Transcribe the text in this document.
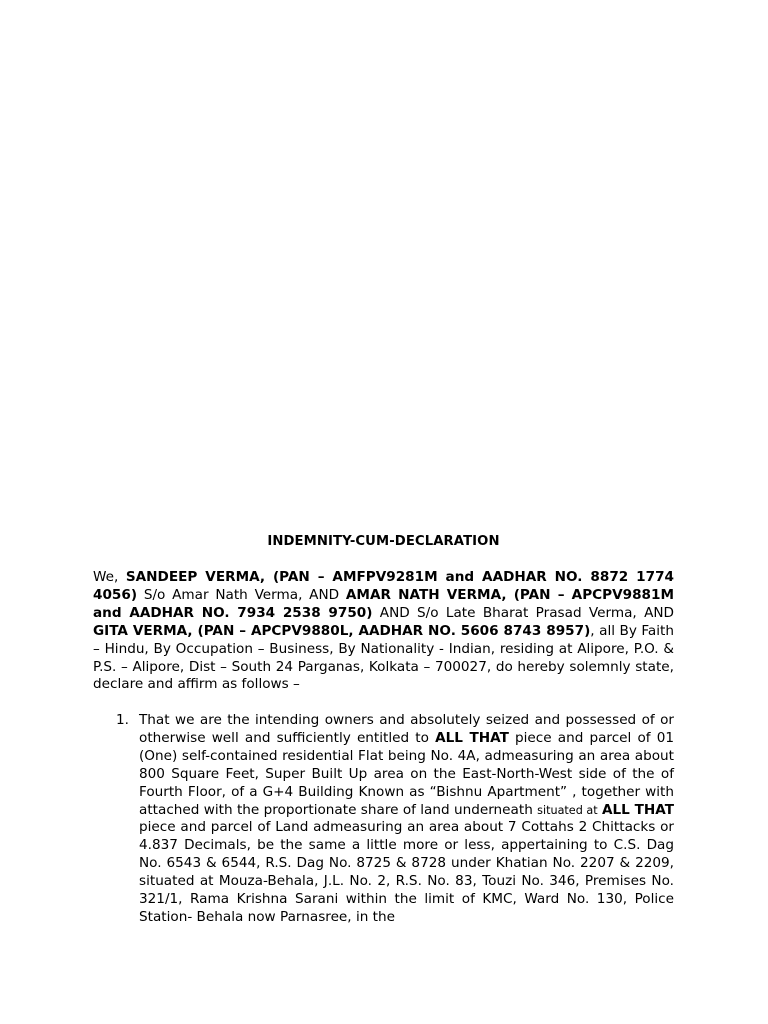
INDEMNITY-CUM-DECLARATION
We, SANDEEP VERMA, (PAN – AMFPV9281M and AADHAR NO. 8872 1774 4056) S/o Amar Nath Verma, AND AMAR NATH VERMA, (PAN – APCPV9881M and AADHAR NO. 7934 2538 9750) AND S/o Late Bharat Prasad Verma, AND GITA VERMA, (PAN – APCPV9880L, AADHAR NO. 5606 8743 8957), all By Faith – Hindu, By Occupation – Business, By Nationality - Indian, residing at Alipore, P.O. & P.S. – Alipore, Dist – South 24 Parganas, Kolkata – 700027, do hereby solemnly state, declare and affirm as follows –
1. That we are the intending owners and absolutely seized and possessed of or otherwise well and sufficiently entitled to ALL THAT piece and parcel of 01 (One) self-contained residential Flat being No. 4A, admeasuring an area about 800 Square Feet, Super Built Up area on the East-North-West side of the of Fourth Floor, of a G+4 Building Known as “Bishnu Apartment” , together with attached with the proportionate share of land underneath situated at ALL THAT piece and parcel of Land admeasuring an area about 7 Cottahs 2 Chittacks or 4.837 Decimals, be the same a little more or less, appertaining to C.S. Dag No. 6543 & 6544, R.S. Dag No. 8725 & 8728 under Khatian No. 2207 & 2209, situated at Mouza-Behala, J.L. No. 2, R.S. No. 83, Touzi No. 346, Premises No. 321/1, Rama Krishna Sarani within the limit of KMC, Ward No. 130, Police Station- Behala now Parnasree, in the
